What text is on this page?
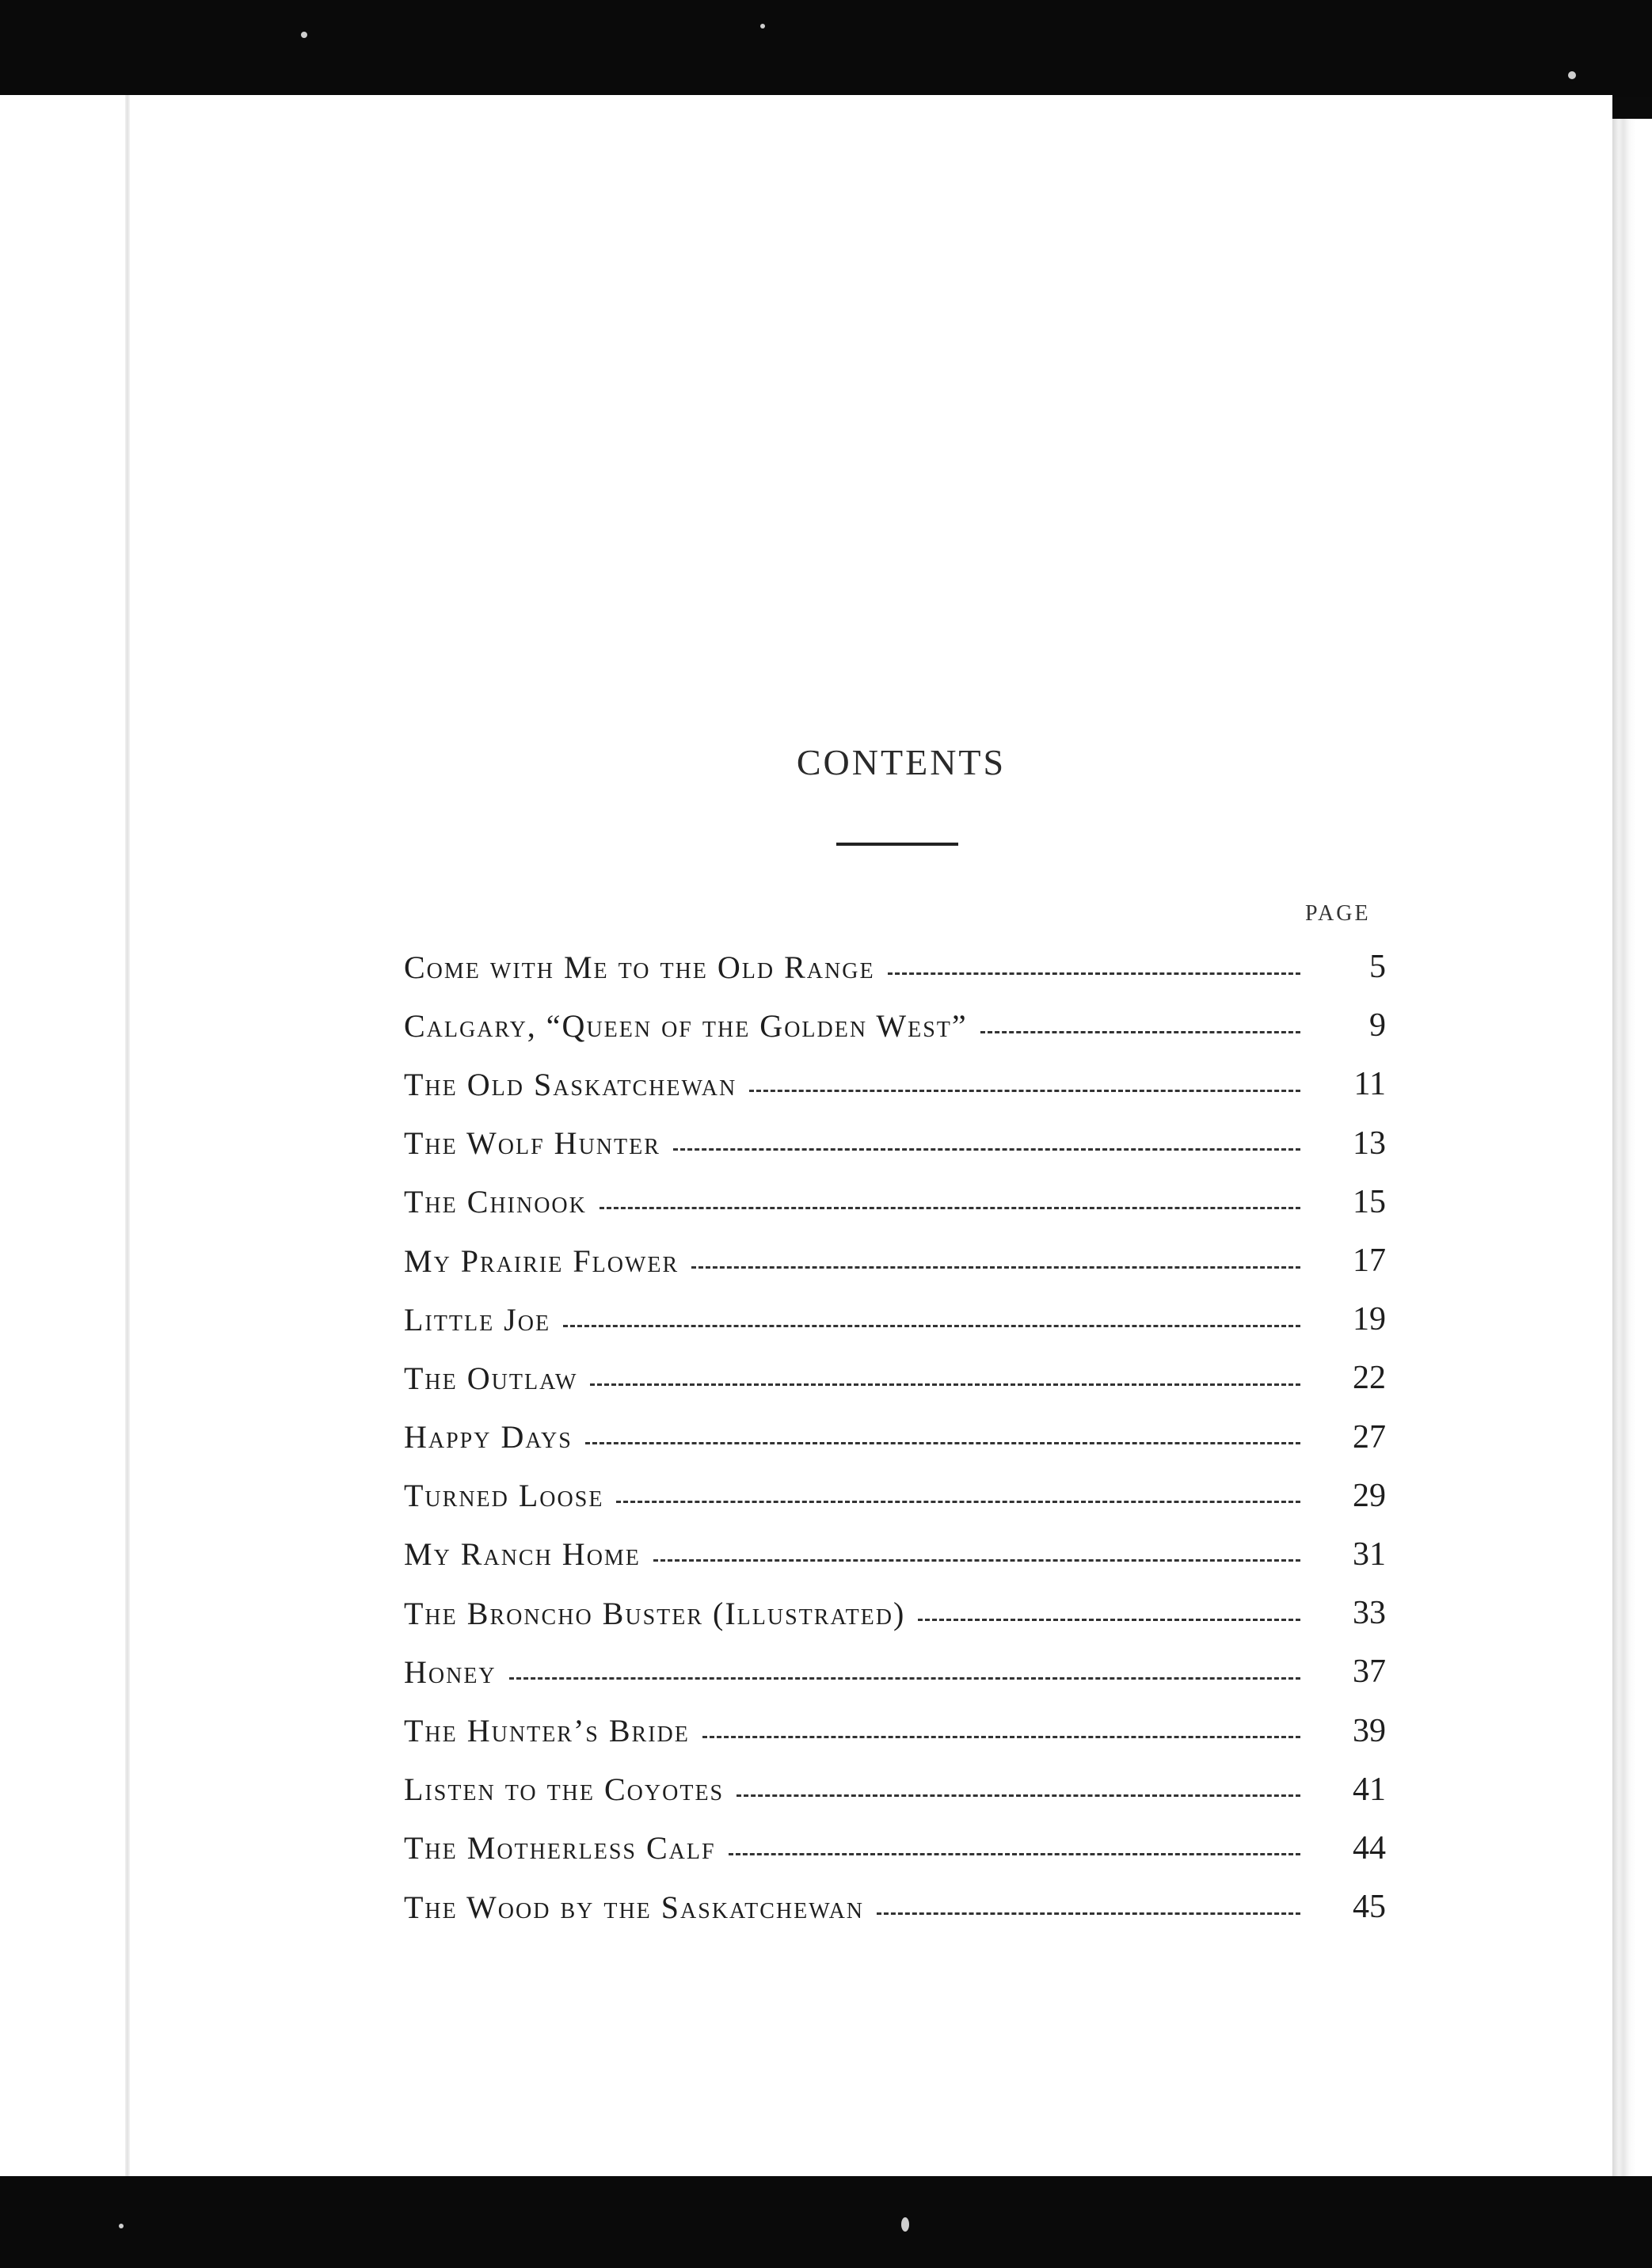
CONTENTS
PAGE
Come with Me to the Old Range	5
Calgary, “Queen of the Golden West”	9
The Old Saskatchewan	11
The Wolf Hunter	13
The Chinook	15
My Prairie Flower	17
Little Joe	19
The Outlaw	22
Happy Days	27
Turned Loose	29
My Ranch Home	31
The Broncho Buster (Illustrated)	33
Honey	37
The Hunter’s Bride	39
Listen to the Coyotes	41
The Motherless Calf	44
The Wood by the Saskatchewan	45
